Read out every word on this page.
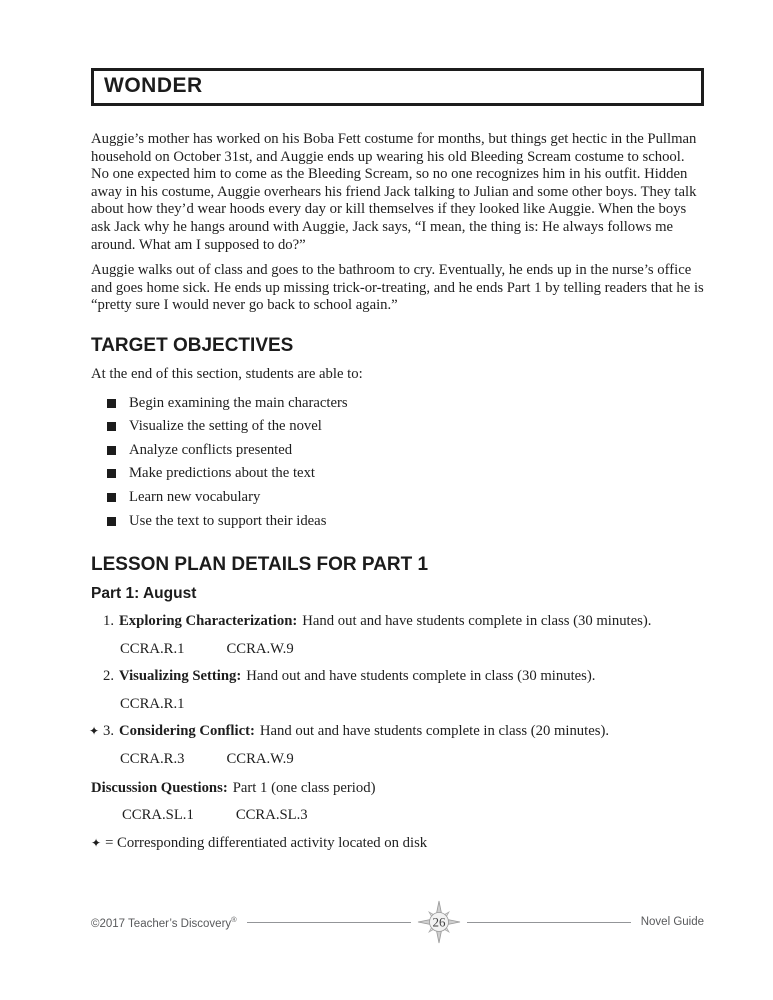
WONDER

Auggie’s mother has worked on his Boba Fett costume for months, but things get hectic in the Pullman household on October 31st, and Auggie ends up wearing his old Bleeding Scream costume to school. No one expected him to come as the Bleeding Scream, so no one recognizes him in his outfit. Hidden away in his costume, Auggie overhears his friend Jack talking to Julian and some other boys. They talk about how they’d wear hoods every day or kill themselves if they looked like Auggie. When the boys ask Jack why he hangs around with Auggie, Jack says, “I mean, the thing is: He always follows me around. What am I supposed to do?”

Auggie walks out of class and goes to the bathroom to cry. Eventually, he ends up in the nurse’s office and goes home sick. He ends up missing trick-or-treating, and he ends Part 1 by telling readers that he is “pretty sure I would never go back to school again.”

TARGET OBJECTIVES

At the end of this section, students are able to:

Begin examining the main characters
Visualize the setting of the novel
Analyze conflicts presented
Make predictions about the text
Learn new vocabulary
Use the text to support their ideas
LESSON PLAN DETAILS FOR PART 1
Part 1: August
1. Exploring Characterization: Hand out and have students complete in class (30 minutes).
CCRA.R.1	CCRA.W.9
2. Visualizing Setting: Hand out and have students complete in class (30 minutes).
CCRA.R.1
✦ 3. Considering Conflict: Hand out and have students complete in class (20 minutes).
CCRA.R.3	CCRA.W.9
Discussion Questions: Part 1 (one class period)
CCRA.SL.1	CCRA.SL.3
✦ = Corresponding differentiated activity located on disk
©2017 Teacher’s Discovery®	26	Novel Guide
